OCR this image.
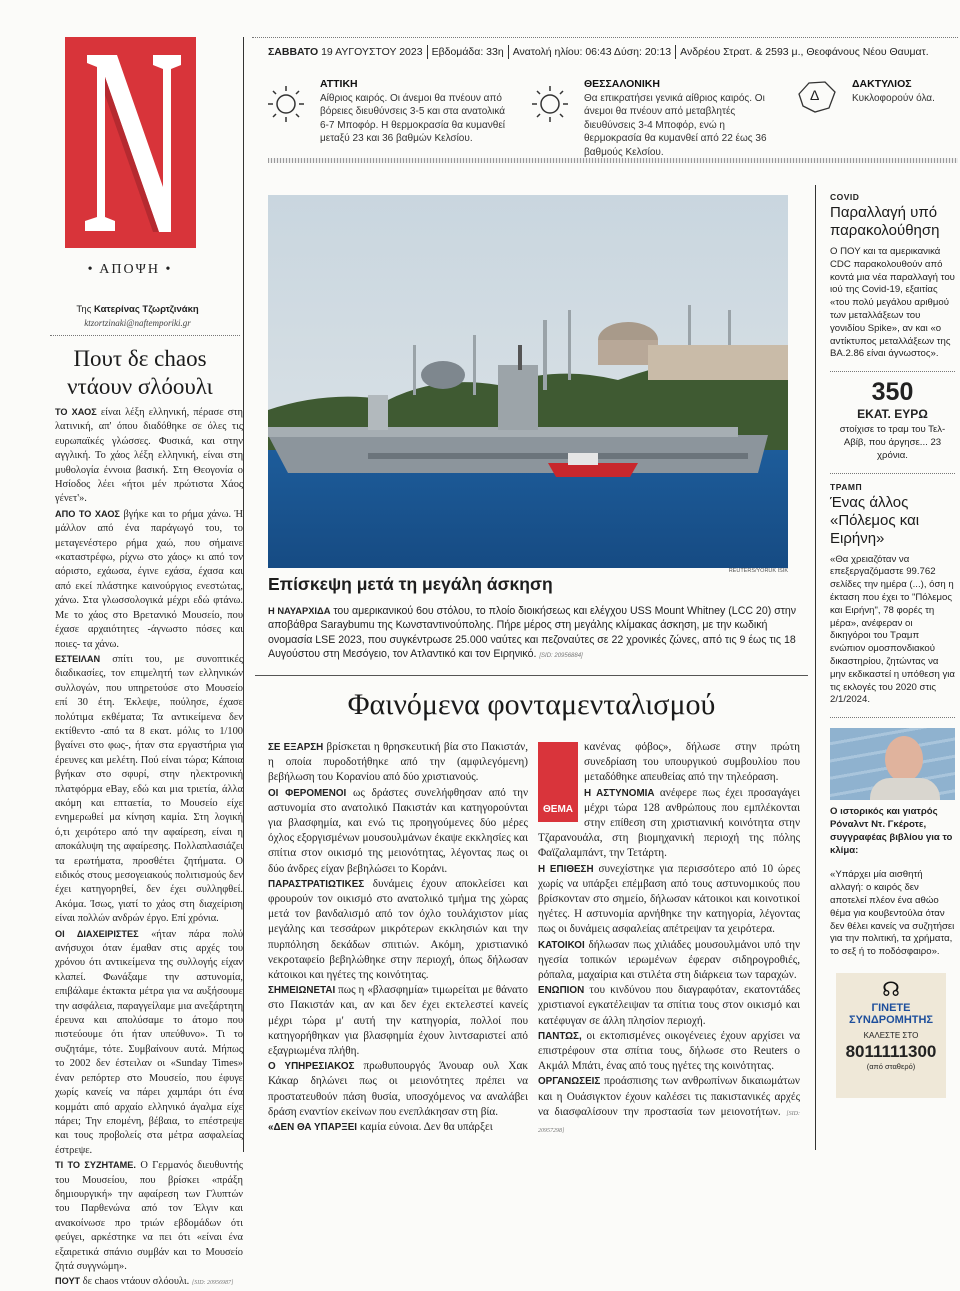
• ΑΠΟΨΗ •
Της Κατερίνας Τζωρτζινάκη
ktzortzinaki@naftemporiki.gr
Πουτ δε chaos ντάουν σλόουλι

ΤΟ ΧΑΟΣ είναι λέξη ελληνική, πέρασε στη λατινική, απ' όπου διαδόθηκε σε όλες τις ευρωπαϊκές γλώσσες. Φυσικά, και στην αγγλική. Το χάος λέξη ελληνική, είναι στη μυθολογία έννοια βασική. Στη Θεογονία ο Ησίοδος λέει «ήτοι μέν πρώτιστα Χάος γένετ'».

ΑΠΟ ΤΟ ΧΑΟΣ βγήκε και το ρήμα χάνω. Ή μάλλον από ένα παράγωγό του, το μεταγενέστερο ρήμα χαώ, που σήμαινε «καταστρέφω, ρίχνω στο χάος» κι από τον αόριστο, εχάωσα, έγινε εχάσα, έχασα και από εκεί πλάστηκε καινούργιος ενεστώτας, χάνω. Στα γλωσσολογικά μέχρι εδώ φτάνω. Με το χάος στο Βρετανικό Μουσείο, που έχασε αρχαιότητες -άγνωστο πόσες και ποιες- τα χάνω.

ΕΣΤΕΙΛΑΝ σπίτι του, με συνοπτικές διαδικασίες, τον επιμελητή των ελληνικών συλλογών, που υπηρετούσε στο Μουσείο επί 30 έτη. Έκλεψε, πούλησε, έχασε πολύτιμα εκθέματα; Τα αντικείμενα δεν εκτίθεντο -από τα 8 εκατ. μόλις το 1/100 βγαίνει στο φως-, ήταν στα εργαστήρια για έρευνες και μελέτη. Πού είναι τώρα; Κάποια βγήκαν στο σφυρί, στην ηλεκτρονική πλατφόρμα eBay, εδώ και μια τριετία, άλλα ακόμη και επταετία, το Μουσείο είχε ενημερωθεί μα κίνηση καμία. Στη λογική ό,τι χειρότερο από την αφαίρεση, είναι η αποκάλυψη της αφαίρεσης. Πολλαπλασιάζει τα ερωτήματα, προσθέτει ζητήματα. Ο ειδικός στους μεσογειακούς πολιτισμούς δεν έχει κατηγορηθεί, δεν έχει συλληφθεί. Ακόμα. Ίσως, γιατί το χάος στη διαχείριση είναι πολλών ανδρών έργο. Επί χρόνια.

ΟΙ ΔΙΑΧΕΙΡΙΣΤΕΣ «ήταν πάρα πολύ ανήσυχοι όταν έμαθαν στις αρχές του χρόνου ότι αντικείμενα της συλλογής είχαν κλαπεί. Φωνάξαμε την αστυνομία, επιβάλαμε έκτακτα μέτρα για να αυξήσουμε την ασφάλεια, παραγγείλαμε μια ανεξάρτητη έρευνα και απολύσαμε το άτομο που πιστεύουμε ότι ήταν υπεύθυνο». Τι το συζητάμε, τότε. Συμβαίνουν αυτά. Μήπως το 2002 δεν έστειλαν οι «Sunday Times» έναν ρεπόρτερ στο Μουσείο, που έφυγε χωρίς κανείς να πάρει χαμπάρι ότι ένα κομμάτι από αρχαίο ελληνικό άγαλμα είχε πάρει; Την επομένη, βέβαια, το επέστρεψε και τους προβολείς στα μέτρα ασφαλείας έστρεψε.

ΤΙ ΤΟ ΣΥΖΗΤΑΜΕ. Ο Γερμανός διευθυντής του Μουσείου, που βρίσκει «πράξη δημιουργική» την αφαίρεση των Γλυπτών του Παρθενώνα από τον Έλγιν και ανακοίνωσε προ τριών εβδομάδων ότι φεύγει, αρκέστηκε να πει ότι «είναι ένα εξαιρετικά σπάνιο συμβάν και το Μουσείο ζητά συγγνώμη».

ΠΟΥΤ δε chaos ντάουν σλόουλι. [SID: 20956987]

ΣΑΒΒΑΤΟ 19 ΑΥΓΟΥΣΤΟΥ 2023 Εβδομάδα: 33η Ανατολή ηλίου: 06:43 Δύση: 20:13 Ανδρέου Στρατ. & 2593 μ., Θεοφάνους Νέου Θαυματ.
ΑΤΤΙΚΗ

Αίθριος καιρός. Οι άνεμοι θα πνέουν από βόρειες διευθύνσεις 3-5 και στα ανατολικά 6-7 Μποφόρ. Η θερμοκρασία θα κυμανθεί μεταξύ 23 και 36 βαθμών Κελσίου.

ΘΕΣΣΑΛΟΝΙΚΗ

Θα επικρατήσει γενικά αίθριος καιρός. Οι άνεμοι θα πνέουν από μεταβλητές διευθύνσεις 3-4 Μποφόρ, ενώ η θερμοκρασία θα κυμανθεί από 22 έως 36 βαθμούς Κελσίου.

Δ
ΔΑΚΤΥΛΙΟΣ

Κυκλοφορούν όλα.

REUTERS/YORUK ISIK
Επίσκεψη μετά τη μεγάλη άσκηση

Η ΝΑΥΑΡΧΙΔΑ του αμερικανικού 6ου στόλου, το πλοίο διοικήσεως και ελέγχου USS Mount Whitney (LCC 20) στην αποβάθρα Saraybumu της Κωνσταντινούπολης. Πήρε μέρος στη μεγάλης κλίμακας άσκηση, με την κωδική ονομασία LSE 2023, που συγκέντρωσε 25.000 ναύτες και πεζοναύτες σε 22 χρονικές ζώνες, από τις 9 έως τις 18 Αυγούστου στη Μεσόγειο, τον Ατλαντικό και τον Ειρηνικό. [SID: 20956884]

Φαινόμενα φονταμενταλισμού

ΣΕ ΕΞΑΡΣΗ βρίσκεται η θρησκευτική βία στο Πακιστάν, η οποία πυροδοτήθηκε από την (αμφιλεγόμενη) βεβήλωση του Κορανίου από δύο χριστιανούς.

ΟΙ ΦΕΡΟΜΕΝΟΙ ως δράστες συνελήφθησαν από την αστυνομία στο ανατολικό Πακιστάν και κατηγορούνται για βλασφημία, και ενώ τις προηγούμενες δύο μέρες όχλος εξοργισμένων μουσουλμάνων έκαψε εκκλησίες και σπίτια στον οικισμό της μειονότητας, λέγοντας πως οι δύο άνδρες είχαν βεβηλώσει το Κοράνι.

ΠΑΡΑΣΤΡΑΤΙΩΤΙΚΕΣ δυνάμεις έχουν αποκλείσει και φρουρούν τον οικισμό στο ανατολικό τμήμα της χώρας μετά τον βανδαλισμό από τον όχλο τουλάχιστον μίας μεγάλης και τεσσάρων μικρότερων εκκλησιών και την πυρπόληση δεκάδων σπιτιών. Ακόμη, χριστιανικό νεκροταφείο βεβηλώθηκε στην περιοχή, όπως δήλωσαν κάτοικοι και ηγέτες της κοινότητας.

ΣΗΜΕΙΩΝΕΤΑΙ πως η «βλασφημία» τιμωρείται με θάνατο στο Πακιστάν και, αν και δεν έχει εκτελεστεί κανείς μέχρι τώρα μ' αυτή την κατηγορία, πολλοί που κατηγορήθηκαν για βλασφημία έχουν λιντσαριστεί από εξαγριωμένα πλήθη.

Ο ΥΠΗΡΕΣΙΑΚΟΣ πρωθυπουργός Άνουαρ ουλ Χακ Κάκαρ δηλώνει πως οι μειονότητες πρέπει να προστατευθούν πάση θυσία, υποσχόμενος να αναλάβει δράση εναντίον εκείνων που ενεπλάκησαν στη βία.

«ΔΕΝ ΘΑ ΥΠΑΡΞΕΙ καμία εύνοια. Δεν θα υπάρξει

ΘΕΜΑ

κανένας φόβος», δήλωσε στην πρώτη συνεδρίαση του υπουργικού συμβουλίου που μεταδόθηκε απευθείας από την τηλεόραση.

Η ΑΣΤΥΝΟΜΙΑ ανέφερε πως έχει προσαγάγει μέχρι τώρα 128 ανθρώπους που εμπλέκονται στην επίθεση στη χριστιανική κοινότητα στην Τζαρανουάλα, στη βιομηχανική περιοχή της πόλης Φαϊζαλαμπάντ, την Τετάρτη.

Η ΕΠΙΘΕΣΗ συνεχίστηκε για περισσότερο από 10 ώρες χωρίς να υπάρξει επέμβαση από τους αστυνομικούς που βρίσκονταν στο σημείο, δήλωσαν κάτοικοι και κοινοτικοί ηγέτες. Η αστυνομία αρνήθηκε την κατηγορία, λέγοντας πως οι δυνάμεις ασφαλείας απέτρεψαν τα χειρότερα.

ΚΑΤΟΙΚΟΙ δήλωσαν πως χιλιάδες μουσουλμάνοι υπό την ηγεσία τοπικών ιερωμένων έφεραν σιδηρογροθιές, ρόπαλα, μαχαίρια και στιλέτα στη διάρκεια των ταραχών.

ΕΝΩΠΙΟΝ του κινδύνου που διαγραφόταν, εκατοντάδες χριστιανοί εγκατέλειψαν τα σπίτια τους στον οικισμό και κατέφυγαν σε άλλη πλησίον περιοχή.

ΠΑΝΤΩΣ, οι εκτοπισμένες οικογένειες έχουν αρχίσει να επιστρέφουν στα σπίτια τους, δήλωσε στο Reuters ο Ακμάλ Μπάτι, ένας από τους ηγέτες της κοινότητας.

ΟΡΓΑΝΩΣΕΙΣ προάσπισης των ανθρωπίνων δικαιωμάτων και η Ουάσιγκτον έχουν καλέσει τις πακιστανικές αρχές να διασφαλίσουν την προστασία των μειονοτήτων. [SID: 20957298]

COVID
Παραλλαγή υπό παρακολούθηση

Ο ΠΟΥ και τα αμερικανικά CDC παρακολουθούν από κοντά μια νέα παραλλαγή του ιού της Covid-19, εξαιτίας «του πολύ μεγάλου αριθμού των μεταλλάξεων του γονιδίου Spike», αν και «ο αντίκτυπος μεταλλάξεων της BA.2.86 είναι άγνωστος».

350
ΕΚΑΤ. ΕΥΡΩ

στοίχισε το τραμ του Τελ-Αβίβ, που άργησε... 23 χρόνια.

ΤΡΑΜΠ
Ένας άλλος «Πόλεμος και Ειρήνη»

«Θα χρειαζόταν να επεξεργαζόμαστε 99.762 σελίδες την ημέρα (...), όση η έκταση που έχει το "Πόλεμος και Ειρήνη", 78 φορές τη μέρα», ανέφεραν οι δικηγόροι του Τραμπ ενώπιον ομοσπονδιακού δικαστηρίου, ζητώντας να μην εκδικαστεί η υπόθεση για τις εκλογές του 2020 στις 2/1/2024.

Ο ιστορικός και γιατρός Ρόναλντ Ντ. Γκέροτε, συγγραφέας βιβλίου για το κλίμα:

«Υπάρχει μία αισθητή αλλαγή: ο καιρός δεν αποτελεί πλέον ένα αθώο θέμα για κουβεντούλα όταν δεν θέλει κανείς να συζητήσει για την πολιτική, τα χρήματα, το σεξ ή το ποδόσφαιρο».

☊
ΓΙΝΕΤΕ
ΣΥΝΔΡΟΜΗΤΗΣ
ΚΑΛΕΣΤΕ ΣΤΟ
8011111300
(από σταθερό)
